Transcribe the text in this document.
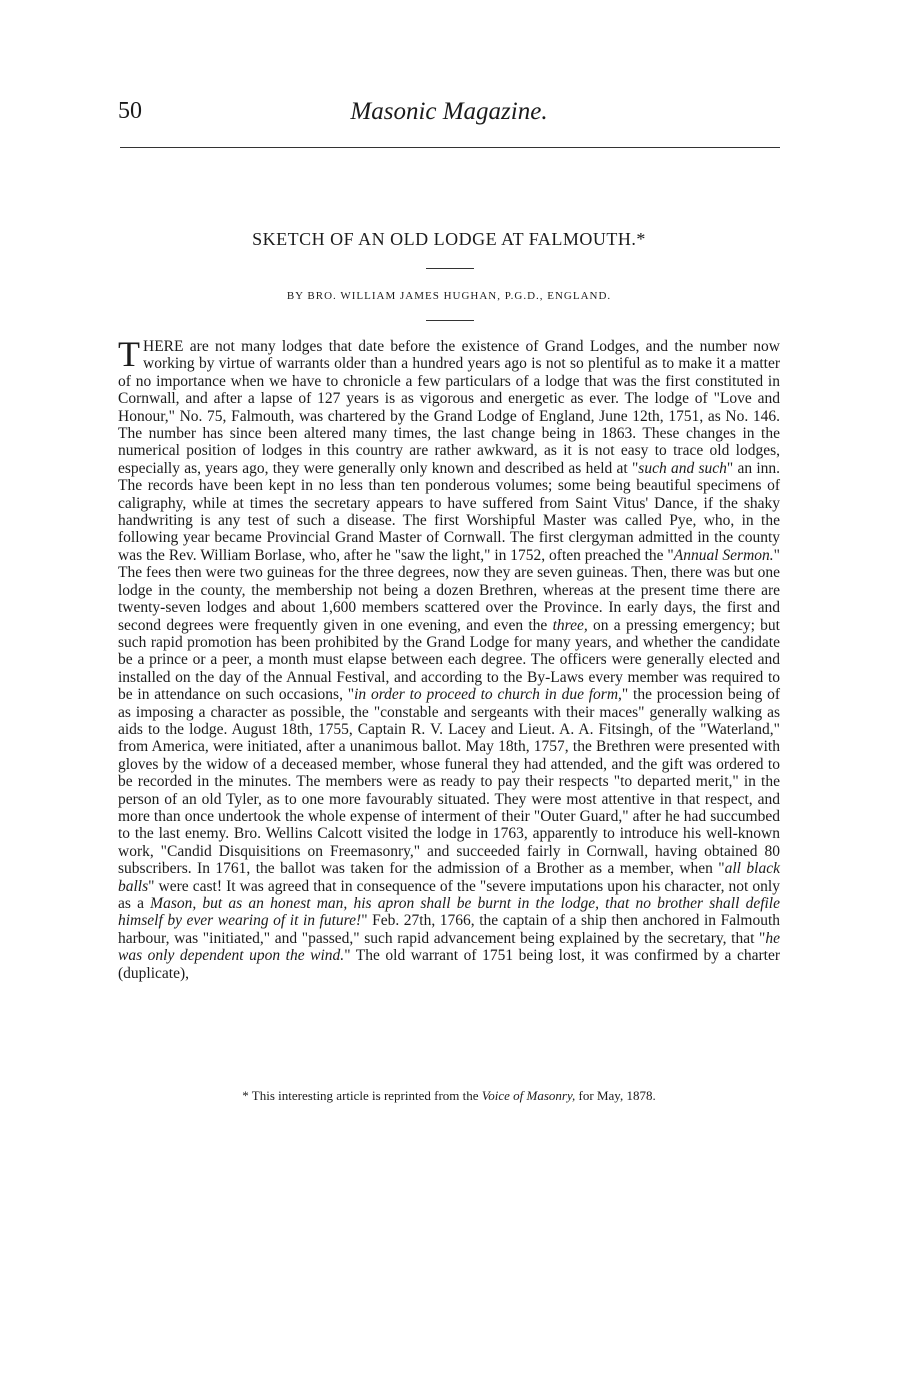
50	Masonic Magazine.
SKETCH OF AN OLD LODGE AT FALMOUTH.*
BY BRO. WILLIAM JAMES HUGHAN, P.G.D., ENGLAND.
T HERE are not many lodges that date before the existence of Grand Lodges, and the number now working by virtue of warrants older than a hundred years ago is not so plentiful as to make it a matter of no importance when we have to chronicle a few particulars of a lodge that was the first constituted in Cornwall, and after a lapse of 127 years is as vigorous and energetic as ever. The lodge of "Love and Honour," No. 75, Falmouth, was chartered by the Grand Lodge of England, June 12th, 1751, as No. 146. The number has since been altered many times, the last change being in 1863. These changes in the numerical position of lodges in this country are rather awkward, as it is not easy to trace old lodges, especially as, years ago, they were generally only known and described as held at "such and such" an inn. The records have been kept in no less than ten ponderous volumes; some being beautiful specimens of caligraphy, while at times the secretary appears to have suffered from Saint Vitus' Dance, if the shaky handwriting is any test of such a disease. The first Worshipful Master was called Pye, who, in the following year became Provincial Grand Master of Cornwall. The first clergyman admitted in the county was the Rev. William Borlase, who, after he "saw the light," in 1752, often preached the "Annual Sermon." The fees then were two guineas for the three degrees, now they are seven guineas. Then, there was but one lodge in the county, the membership not being a dozen Brethren, whereas at the present time there are twenty-seven lodges and about 1,600 members scattered over the Province. In early days, the first and second degrees were frequently given in one evening, and even the three, on a pressing emergency; but such rapid promotion has been prohibited by the Grand Lodge for many years, and whether the candidate be a prince or a peer, a month must elapse between each degree. The officers were generally elected and installed on the day of the Annual Festival, and according to the By-Laws every member was required to be in attendance on such occasions, "in order to proceed to church in due form," the procession being of as imposing a character as possible, the "constable and sergeants with their maces" generally walking as aids to the lodge. August 18th, 1755, Captain R. V. Lacey and Lieut. A. A. Fitsingh, of the "Waterland," from America, were initiated, after a unanimous ballot. May 18th, 1757, the Brethren were presented with gloves by the widow of a deceased member, whose funeral they had attended, and the gift was ordered to be recorded in the minutes. The members were as ready to pay their respects "to departed merit," in the person of an old Tyler, as to one more favourably situated. They were most attentive in that respect, and more than once undertook the whole expense of interment of their "Outer Guard," after he had succumbed to the last enemy. Bro. Wellins Calcott visited the lodge in 1763, apparently to introduce his well-known work, "Candid Disquisitions on Freemasonry," and succeeded fairly in Cornwall, having obtained 80 subscribers. In 1761, the ballot was taken for the admission of a Brother as a member, when "all black balls" were cast! It was agreed that in consequence of the "severe imputations upon his character, not only as a Mason, but as an honest man, his apron shall be burnt in the lodge, that no brother shall defile himself by ever wearing of it in future!" Feb. 27th, 1766, the captain of a ship then anchored in Falmouth harbour, was "initiated," and "passed," such rapid advancement being explained by the secretary, that "he was only dependent upon the wind." The old warrant of 1751 being lost, it was confirmed by a charter (duplicate),
* This interesting article is reprinted from the Voice of Masonry, for May, 1878.
